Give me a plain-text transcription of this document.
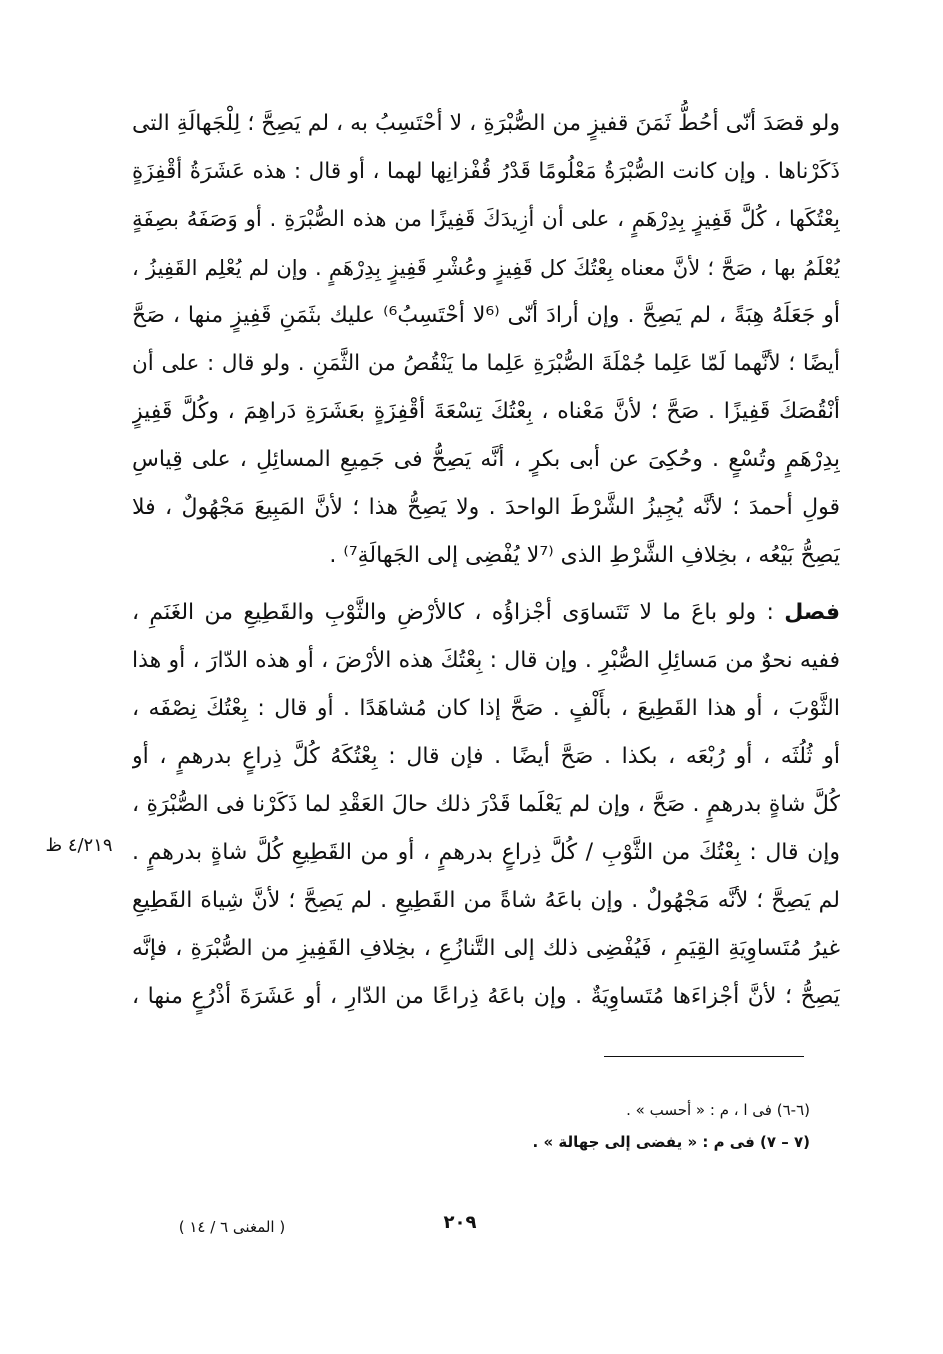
ولو قصَدَ أنّى أحُطُّ ثَمَنَ قفيزٍ من الصُّبْرَةِ ، لا أحْتَسِبُ به ، لم يَصِحَّ ؛ لِلْجَهالَةِ التى
ذَكَرْناها . وإن كانت الصُّبْرَةُ مَعْلُومًا قَدْرُ قُفْزانِها لهما ، أو قال : هذه عَشَرَةُ أقْفِزَةٍ
بِعْتُكَها ، كُلَّ قَفِيزٍ بِدِرْهَمٍ ، على أن أزِيدَكَ قَفِيزًا من هذه الصُّبْرَةِ . أو وَصَفَهُ بصِفَةٍ
يُعْلَمُ بها ، صَحَّ ؛ لأنَّ معناه بِعْتُكَ كل قَفِيزٍ وعُشْرِ قَفِيزٍ بِدِرْهَمٍ . وإن لم يُعْلِم القَفِيزُ ،
أو جَعَلَهُ هِبَةً ، لم يَصِحَّ . وإن أرادَ أنّى ⁽⁶لا أحْتَسِبُ⁶⁾ عليك بثَمَنِ قَفِيزٍ منها ، صَحَّ
أيضًا ؛ لأنَّهما لَمّا عَلِما جُمْلَةَ الصُّبْرَةِ عَلِما ما يَنْقُصُ من الثَّمَنِ . ولو قال : على أن
أنْقُصَكَ قَفِيزًا . صَحَّ ؛ لأنَّ مَعْناه ، بِعْتُكَ تِسْعَةَ أقْفِزَةٍ بعَشَرَةِ دَراهِمَ ، وكُلَّ قَفِيزٍ
بِدِرْهَمٍ وتُسْعٍ . وحُكِىَ عن أبى بكرٍ ، أنَّه يَصِحُّ فى جَمِيعِ المسائِلِ ، على قِياسِ
قولِ أحمدَ ؛ لأنَّه يُجِيزُ الشَّرْطَ الواحدَ . ولا يَصِحُّ هذا ؛ لأنَّ المَبِيعَ مَجْهُولٌ ، فلا
يَصِحُّ بَيْعُه ، بخِلافِ الشَّرْطِ الذى ⁽⁷لا يُفْضِى إلى الجَهالَةِ⁷⁾ .
فصل : ولو باعَ ما لا تَتَساوَى أجْزاؤُه ، كالأرْضِ والثَّوْبِ والقَطِيعِ من الغَنَمِ ،
ففيه نحوٌ من مَسائِلِ الصُّبْرِ . وإن قال : بِعْتُكَ هذه الأرْضَ ، أو هذه الدّارَ ، أو هذا
الثَّوْبَ ، أو هذا القَطِيعَ ، بأَلْفٍ . صَحَّ إذا كان مُشاهَدًا . أو قال : بِعْتُكَ نِصْفَه ،
أو ثُلُثَه ، أو رُبْعَه ، بكذا . صَحَّ أيضًا . فإن قال : بِعْتُكَهُ كُلَّ ذِراعٍ بدرهمٍ ، أو
كُلَّ شاةٍ بدرهمٍ . صَحَّ ، وإن لم يَعْلَما قَدْرَ ذلك حالَ العَقْدِ لما ذَكَرْنا فى الصُّبْرَةِ ،
وإن قال : بِعْتُكَ من الثَّوْبِ / كُلَّ ذِراعٍ بدرهمٍ ، أو من القَطِيعِ كُلَّ شاةٍ بدرهمٍ .
لم يَصِحَّ ؛ لأنَّه مَجْهُولٌ . وإن باعَهُ شاةً من القَطِيعِ . لم يَصِحَّ ؛ لأنَّ شِياهَ القَطِيعِ
غيرُ مُتَساوِيَةِ القِيَمِ ، فَيُفْضِى ذلك إلى التَّنازُعِ ، بخِلافِ القَفِيزِ من الصُّبْرَةِ ، فإنَّه
يَصِحُّ ؛ لأنَّ أجْزاءَها مُتَساوِيَةٌ . وإن باعَهُ ذِراعًا من الدّارِ ، أو عَشَرَةَ أذْرُعٍ منها ،
٤/٢١٩ ظ
(٦-٦) فى ا ، م : « أحسب » .
(٧ – ٧) فى م : « يفضى إلى جهالة » .
٢٠٩
( المغنى ٦ / ١٤ )
